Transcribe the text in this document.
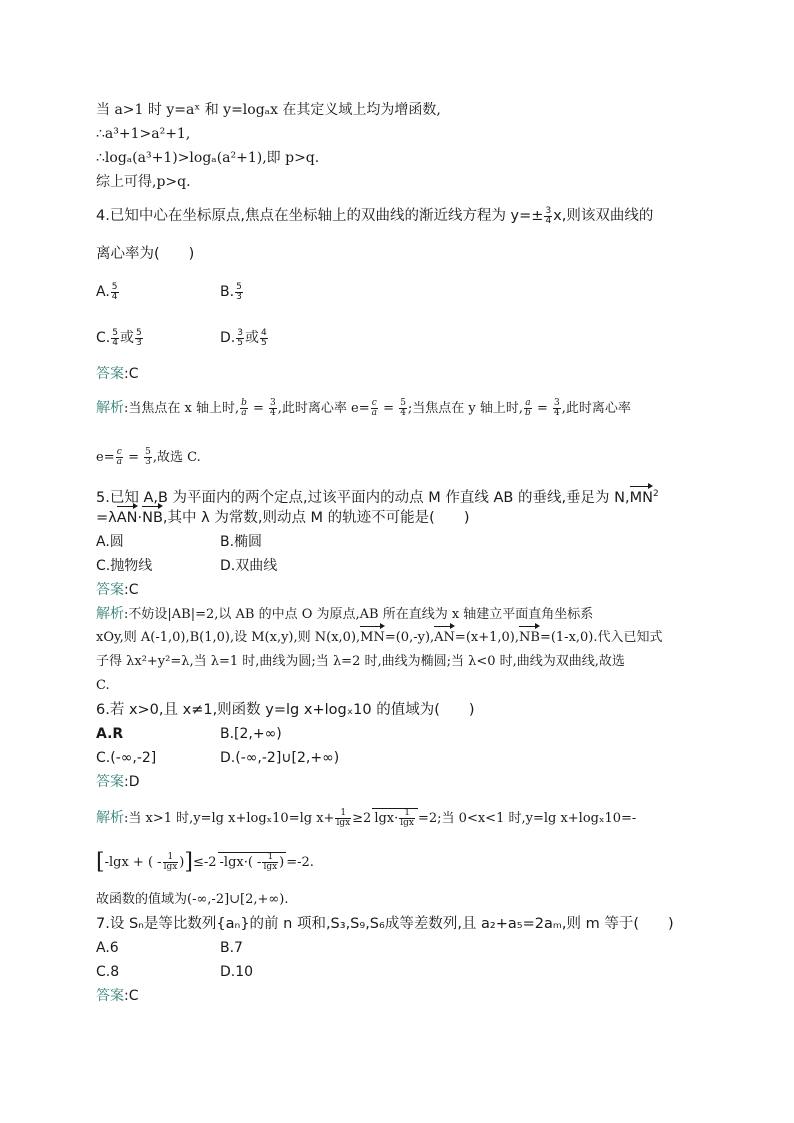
当 a>1 时 y=aˣ 和 y=logₐx 在其定义域上均为增函数,
∴a³+1>a²+1,
∴logₐ(a³+1)>logₐ(a²+1),即 p>q.
综上可得,p>q.
4.已知中心在坐标原点,焦点在坐标轴上的双曲线的渐近线方程为 $y=\pm \frac{3}{4} x$,则该双曲线的
离心率为(　　)
A. $\frac{5}{4}$	B. $\frac{5}{3}$
C. $\frac{5}{4}$ 或 $\frac{5}{3}$	D. $\frac{3}{5}$ 或 $\frac{4}{5}$
答案:C
解析:当焦点在 x 轴上时, $\frac{b}{a} = \frac{3}{4}$ ,此时离心率 $e= \frac{c}{a} = \frac{5}{4}$ ;当焦点在 y 轴上时, $\frac{a}{b} = \frac{3}{4}$ ,此时离心率
$e= \frac{c}{a} = \frac{5}{3}$ ,故选 C.
5.已知 A,B 为平面内的两个定点,过该平面内的动点 M 作直线 AB 的垂线,垂足为 $N,MN^2$
=λAN·NB,其中 λ 为常数,则动点 M 的轨迹不可能是(　　)
A.圆	B.椭圆
C.抛物线	D.双曲线
答案:C
解析:不妨设|AB|=2,以 AB 的中点 O 为原点,AB 所在直线为 x 轴建立平面直角坐标系
xOy,则 A(-1,0),B(1,0),设 M(x,y),则 N(x,0),MN=(0,-y),AN=(x+1,0),NB=(1-x,0).代入已知式
子得 λx²+y²=λ,当 λ=1 时,曲线为圆;当 λ=2 时,曲线为椭圆;当 λ<0 时,曲线为双曲线,故选
C.
6.若 x>0,且 x≠1,则函数 y=lg x+logₓ10 的值域为(　　)
A.R	B.[2,+∞)
C.(-∞,-2]	D.(-∞,-2]∪[2,+∞)
答案:D
解析:当 x>1 时,y=lg x+logₓ10=lg $x+ \frac{1}{\lg x} \ge 2$ $\lg x\cdot \frac{1}{\lg x} =2$;当 0<x<1 时,y=lg x+logₓ10=-
[-lgx + ( - $\frac{1}{\lg x} )]\le-2$ $-\lg x\cdot( - \frac{1}{\lg x}$ ) =-2.
故函数的值域为(-∞,-2]∪[2,+∞).
7.设 Sₙ是等比数列{aₙ}的前 n 项和,S₃,S₉,S₆成等差数列,且 a₂+a₅=2aₘ,则 m 等于(　　)
A.6	B.7
C.8	D.10
答案:C
